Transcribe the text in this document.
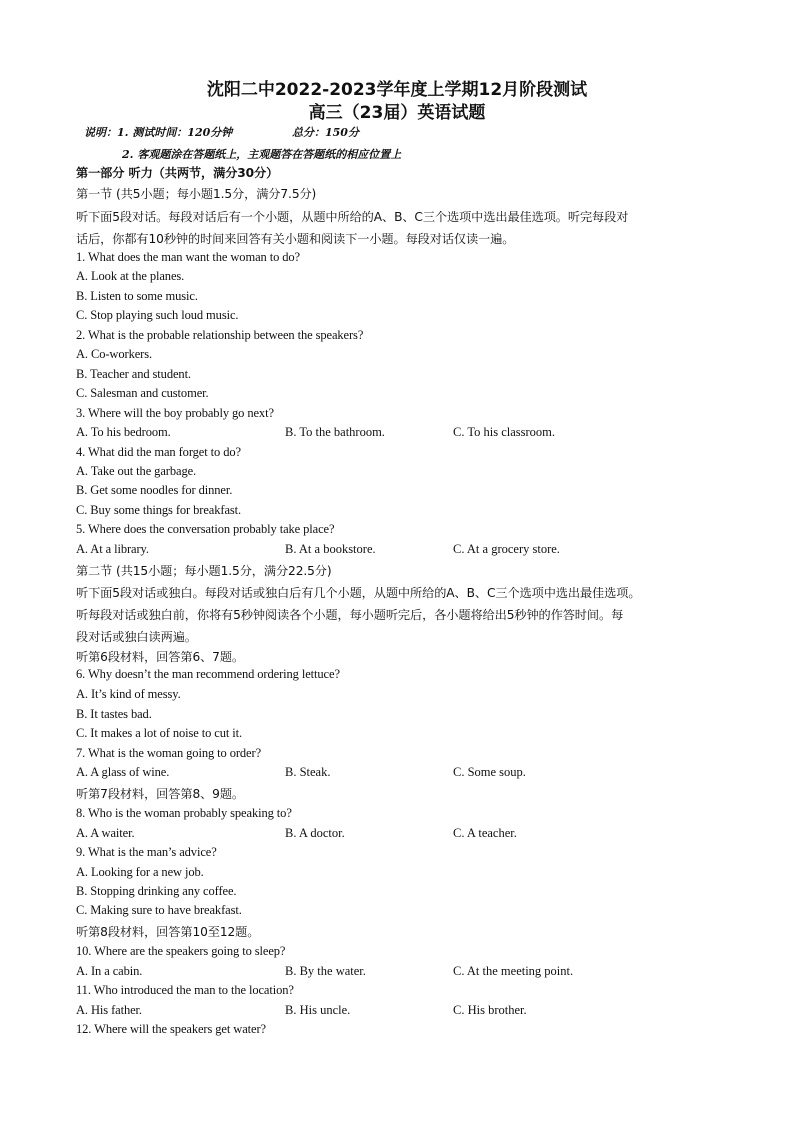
沈阳二中2022-2023学年度上学期12月阶段测试
高三（23届）英语试题
说明：1. 测试时间：120分钟	总分：150分
2. 客观题涂在答题纸上，主观题答在答题纸的相应位置上
第一部分 听力（共两节，满分30分）
第一节 (共5小题；每小题1.5分，满分7.5分)
听下面5段对话。每段对话后有一个小题，从题中所给的A、B、C三个选项中选出最佳选项。听完每段对
话后，你都有10秒钟的时间来回答有关小题和阅读下一小题。每段对话仅读一遍。
1. What does the man want the woman to do?
A. Look at the planes.
B. Listen to some music.
C. Stop playing such loud music.
2. What is the probable relationship between the speakers?
A. Co-workers.
B. Teacher and student.
C. Salesman and customer.
3. Where will the boy probably go next?
A. To his bedroom.	B. To the bathroom.	C. To his classroom.
4. What did the man forget to do?
A. Take out the garbage.
B. Get some noodles for dinner.
C. Buy some things for breakfast.
5. Where does the conversation probably take place?
A. At a library.	B. At a bookstore.	C. At a grocery store.
第二节 (共15小题；每小题1.5分，满分22.5分)
听下面5段对话或独白。每段对话或独白后有几个小题，从题中所给的A、B、C三个选项中选出最佳选项。
听每段对话或独白前，你将有5秒钟阅读各个小题，每小题听完后，各小题将给出5秒钟的作答时间。每
段对话或独白读两遍。
听第6段材料，回答第6、7题。
6. Why doesn’t the man recommend ordering lettuce?
A. It’s kind of messy.
B. It tastes bad.
C. It makes a lot of noise to cut it.
7. What is the woman going to order?
A. A glass of wine.	B. Steak.	C. Some soup.
听第7段材料，回答第8、9题。
8. Who is the woman probably speaking to?
A. A waiter.	B. A doctor.	C. A teacher.
9. What is the man’s advice?
A. Looking for a new job.
B. Stopping drinking any coffee.
C. Making sure to have breakfast.
听第8段材料，回答第10至12题。
10. Where are the speakers going to sleep?
A. In a cabin.	B. By the water.	C. At the meeting point.
11. Who introduced the man to the location?
A. His father.	B. His uncle.	C. His brother.
12. Where will the speakers get water?
